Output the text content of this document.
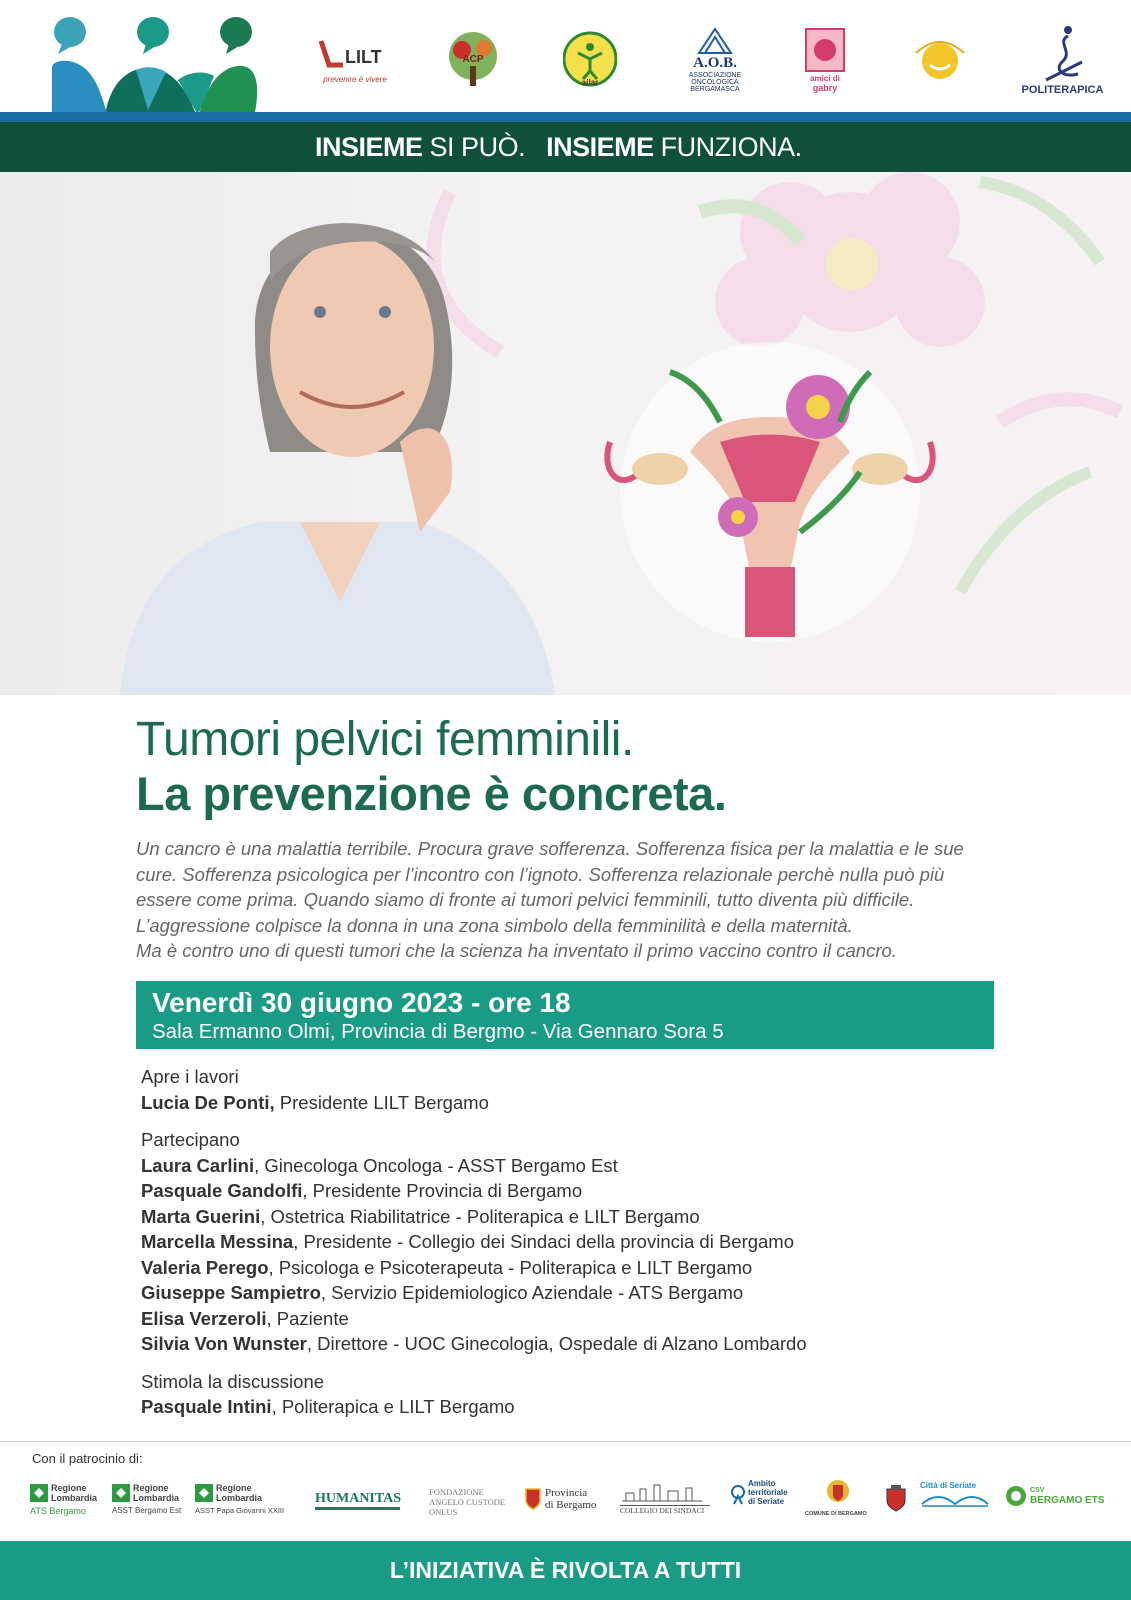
LILT
prevenire è vivere
ACP
ailar
A.O.B.
ASSOCIAZIONE ONCOLOGICA BERGAMASCA
amici di
gabry	POLITERAPICA
INSIEME SI PUÒ. INSIEME FUNZIONA.
Tumori pelvici femminili.
La prevenzione è concreta.

Un cancro è una malattia terribile. Procura grave sofferenza. Sofferenza fisica per la malattia e le sue

cure. Sofferenza psicologica per l’incontro con l’ignoto. Sofferenza relazionale perchè nulla può più

essere come prima. Quando siamo di fronte ai tumori pelvici femminili, tutto diventa più difficile.

L’aggressione colpisce la donna in una zona simbolo della femminilità e della maternità.

Ma è contro uno di questi tumori che la scienza ha inventato il primo vaccino contro il cancro.

Venerdì 30 giugno 2023 - ore 18
Sala Ermanno Olmi, Provincia di Bergmo - Via Gennaro Sora 5
Apre i lavori
Lucia De Ponti, Presidente LILT Bergamo
Partecipano
Laura Carlini, Ginecologa Oncologa - ASST Bergamo Est
Pasquale Gandolfi, Presidente Provincia di Bergamo
Marta Guerini, Ostetrica Riabilitatrice - Politerapica e LILT Bergamo
Marcella Messina, Presidente - Collegio dei Sindaci della provincia di Bergamo
Valeria Perego, Psicologa e Psicoterapeuta - Politerapica e LILT Bergamo
Giuseppe Sampietro, Servizio Epidemiologico Aziendale - ATS Bergamo
Elisa Verzeroli, Paziente
Silvia Von Wunster, Direttore - UOC Ginecologia, Ospedale di Alzano Lombardo
Stimola la discussione
Pasquale Intini, Politerapica e LILT Bergamo
Con il patrocinio di:
Regione
Lombardia
ATS Bergamo
Regione
Lombardia
ASST Bergamo Est
Regione
Lombardia
ASST Papa Giovanni XXIII
HUMANITAS	FONDAZIONE
ANGELO CUSTODE
ONLUS
Provincia
di Bergamo	COLLEGIO DEI SINDACI
Ambito
territoriale
di Seriate
COMUNE DI BERGAMO
Città di Seriate
CSV
BERGAMO ETS
L’INIZIATIVA È RIVOLTA A TUTTI
